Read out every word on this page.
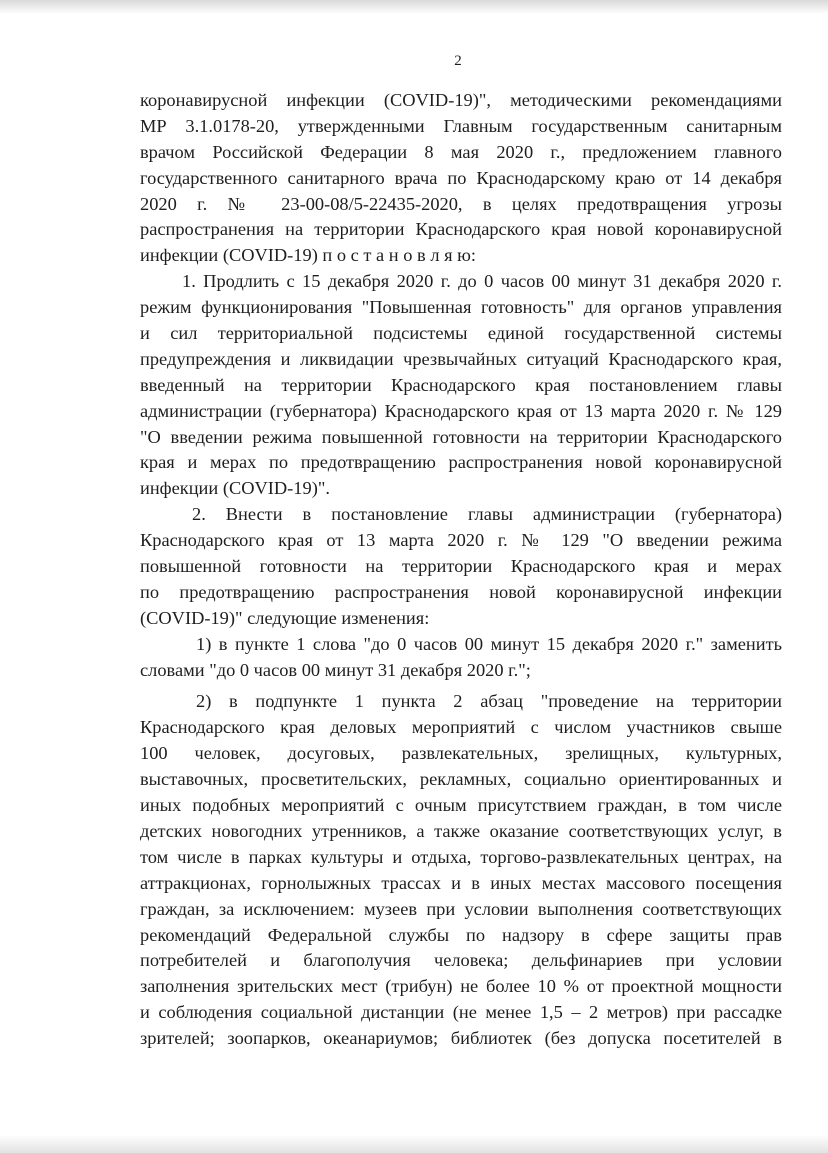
2
коронавирусной инфекции (COVID-19)", методическими рекомендациями
МР 3.1.0178-20, утвержденными Главным государственным санитарным
врачом Российской Федерации 8 мая 2020 г., предложением главного
государственного санитарного врача по Краснодарскому краю от 14 декабря
2020 г. № 23-00-08/5-22435-2020, в целях предотвращения угрозы
распространения на территории Краснодарского края новой коронавирусной
инфекции (COVID-19) п о с т а н о в л я ю:
1. Продлить с 15 декабря 2020 г. до 0 часов 00 минут 31 декабря 2020 г.
режим функционирования "Повышенная готовность" для органов управления
и сил территориальной подсистемы единой государственной системы
предупреждения и ликвидации чрезвычайных ситуаций Краснодарского края,
введенный на территории Краснодарского края постановлением главы
администрации (губернатора) Краснодарского края от 13 марта 2020 г. № 129
"О введении режима повышенной готовности на территории Краснодарского
края и мерах по предотвращению распространения новой коронавирусной
инфекции (COVID-19)".
2. Внести в постановление главы администрации (губернатора)
Краснодарского края от 13 марта 2020 г. № 129 "О введении режима
повышенной готовности на территории Краснодарского края и мерах
по предотвращению распространения новой коронавирусной инфекции
(COVID-19)" следующие изменения:
1) в пункте 1 слова "до 0 часов 00 минут 15 декабря 2020 г." заменить
словами "до 0 часов 00 минут 31 декабря 2020 г.";
2) в подпункте 1 пункта 2 абзац "проведение на территории
Краснодарского края деловых мероприятий с числом участников свыше
100 человек, досуговых, развлекательных, зрелищных, культурных,
выставочных, просветительских, рекламных, социально ориентированных и
иных подобных мероприятий с очным присутствием граждан, в том числе
детских новогодних утренников, а также оказание соответствующих услуг, в
том числе в парках культуры и отдыха, торгово-развлекательных центрах, на
аттракционах, горнолыжных трассах и в иных местах массового посещения
граждан, за исключением: музеев при условии выполнения соответствующих
рекомендаций Федеральной службы по надзору в сфере защиты прав
потребителей и благополучия человека; дельфинариев при условии
заполнения зрительских мест (трибун) не более 10 % от проектной мощности
и соблюдения социальной дистанции (не менее 1,5 – 2 метров) при рассадке
зрителей; зоопарков, океанариумов; библиотек (без допуска посетителей в
